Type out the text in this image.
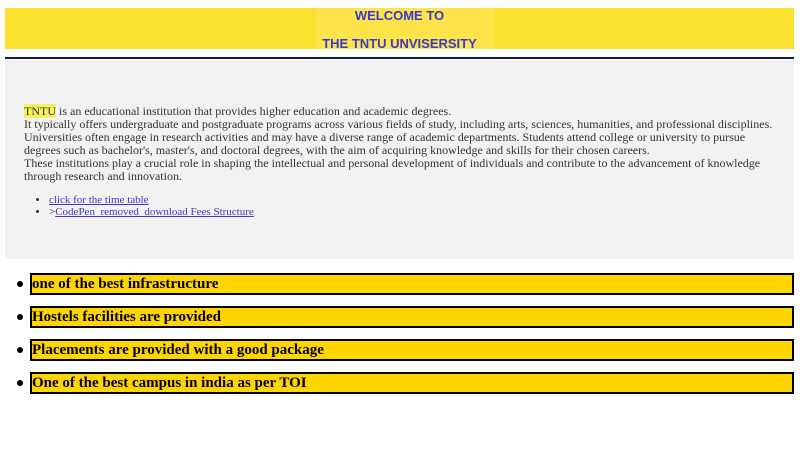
WELCOME TO
THE TNTU UNVISERSITY
TNTU is an educational institution that provides higher education and academic degrees.
It typically offers undergraduate and postgraduate programs across various fields of study, including arts, sciences, humanities, and professional disciplines.
Universities often engage in research activities and may have a diverse range of academic departments. Students attend college or university to pursue degrees such as bachelor's, master's, and doctoral degrees, with the aim of acquiring knowledge and skills for their chosen careers.
These institutions play a crucial role in shaping the intellectual and personal development of individuals and contribute to the advancement of knowledge through research and innovation.
• click for the time table
• >CodePen_removed_download Fees Structure
one of the best infrastructure
Hostels facilities are provided
Placements are provided with a good package
One of the best campus in india as per TOI
